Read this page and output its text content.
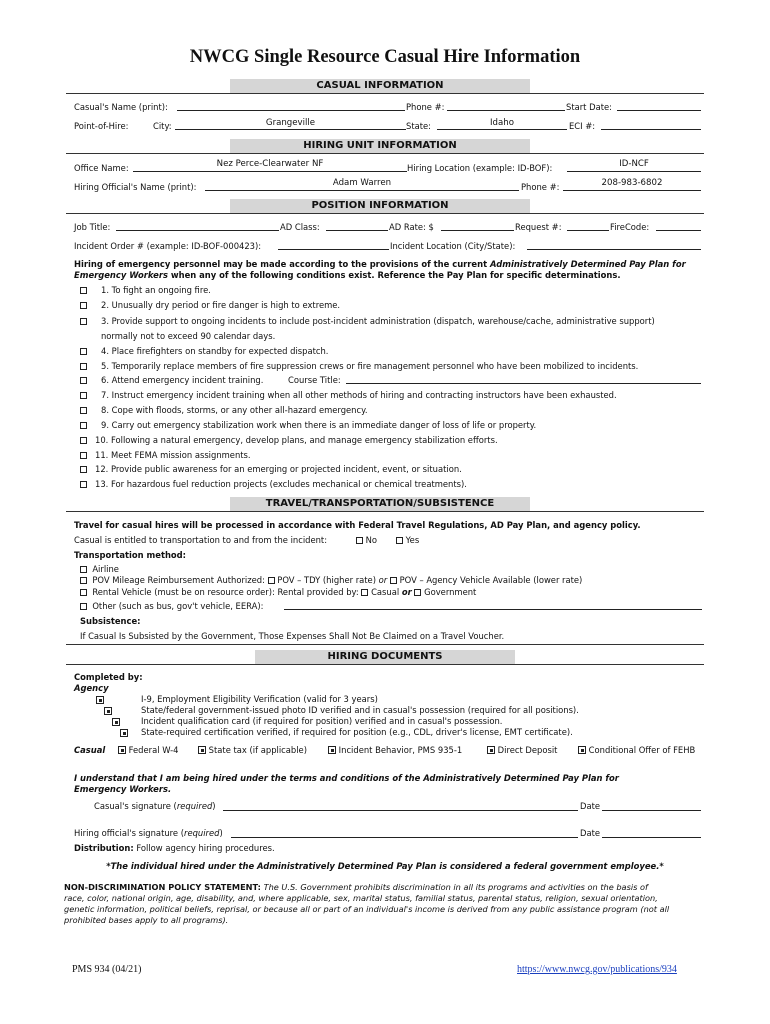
NWCG Single Resource Casual Hire Information
CASUAL INFORMATION
Casual's Name (print):	Phone #:	Start Date:
Point-of-Hire:	City:	Grangeville	State:	Idaho	ECI #:
HIRING UNIT INFORMATION
Office Name:	Nez Perce-Clearwater NF	Hiring Location (example: ID-BOF):	ID-NCF
Hiring Official's Name (print):	Adam Warren	Phone #:	208-983-6802
POSITION INFORMATION
Job Title:	AD Class:	AD Rate: $	Request #:	FireCode:
Incident Order # (example: ID-BOF-000423):	Incident Location (City/State):
Hiring of emergency personnel may be made according to the provisions of the current Administratively Determined Pay Plan for Emergency Workers when any of the following conditions exist. Reference the Pay Plan for specific determinations.
1. To fight an ongoing fire.
2. Unusually dry period or fire danger is high to extreme.
3. Provide support to ongoing incidents to include post-incident administration (dispatch, warehouse/cache, administrative support)
normally not to exceed 90 calendar days.
4. Place firefighters on standby for expected dispatch.
5. Temporarily replace members of fire suppression crews or fire management personnel who have been mobilized to incidents.
6. Attend emergency incident training.
7. Instruct emergency incident training when all other methods of hiring and contracting instructors have been exhausted.
8. Cope with floods, storms, or any other all-hazard emergency.
9. Carry out emergency stabilization work when there is an immediate danger of loss of life or property.
10. Following a natural emergency, develop plans, and manage emergency stabilization efforts.
11. Meet FEMA mission assignments.
12. Provide public awareness for an emerging or projected incident, event, or situation.
13. For hazardous fuel reduction projects (excludes mechanical or chemical treatments).
Course Title:
TRAVEL/TRANSPORTATION/SUBSISTENCE
Travel for casual hires will be processed in accordance with Federal Travel Regulations, AD Pay Plan, and agency policy.
Casual is entitled to transportation to and from the incident:	No	Yes
Transportation method:
Airline
POV Mileage Reimbursement Authorized: POV – TDY (higher rate) or POV – Agency Vehicle Available (lower rate)
Rental Vehicle (must be on resource order): Rental provided by: Casual or Government
Other (such as bus, gov't vehicle, EERA):
Subsistence:
If Casual Is Subsisted by the Government, Those Expenses Shall Not Be Claimed on a Travel Voucher.
HIRING DOCUMENTS
Completed by:
Agency
I-9, Employment Eligibility Verification (valid for 3 years)
State/federal government-issued photo ID verified and in casual's possession (required for all positions).
Incident qualification card (if required for position) verified and in casual's possession.
State-required certification verified, if required for position (e.g., CDL, driver's license, EMT certificate).
Casual	Federal W-4	State tax (if applicable)	Incident Behavior, PMS 935-1	Direct Deposit	Conditional Offer of FEHB
I understand that I am being hired under the terms and conditions of the Administratively Determined Pay Plan for Emergency Workers.
Casual's signature (required)	Date
Hiring official's signature (required)	Date
Distribution: Follow agency hiring procedures.
*The individual hired under the Administratively Determined Pay Plan is considered a federal government employee.*
NON-DISCRIMINATION POLICY STATEMENT: The U.S. Government prohibits discrimination in all its programs and activities on the basis of
race, color, national origin, age, disability, and, where applicable, sex, marital status, familial status, parental status, religion, sexual orientation,
genetic information, political beliefs, reprisal, or because all or part of an individual's income is derived from any public assistance program (not all
prohibited bases apply to all programs).
PMS 934 (04/21)	https://www.nwcg.gov/publications/934
